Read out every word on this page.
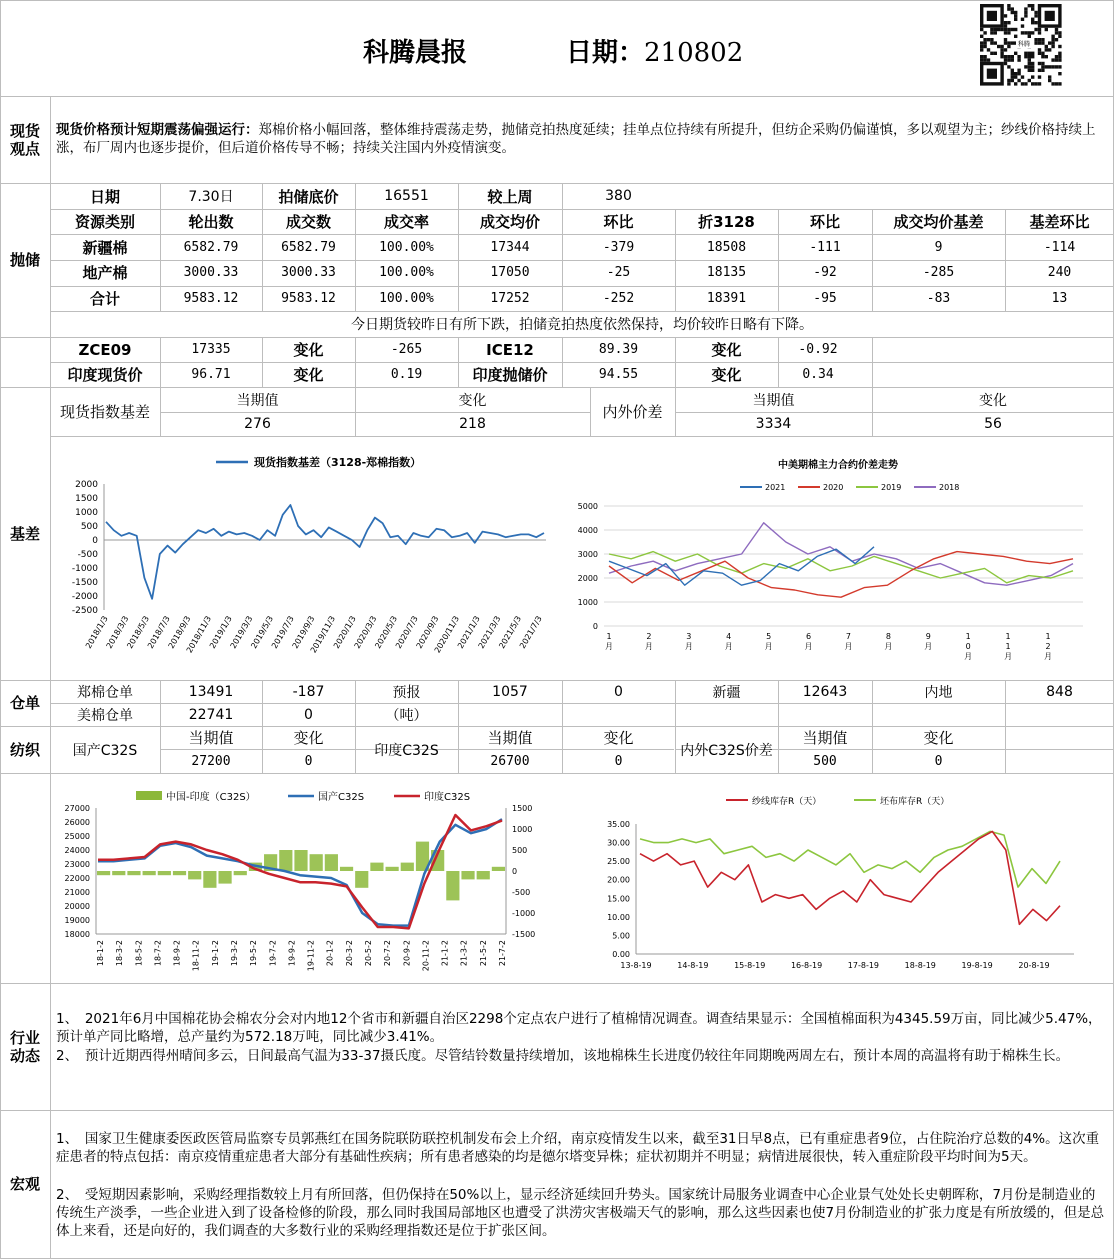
科腾晨报	日期：210802	科腾
现货观点
抛储
基差
仓单
纺织
行业动态
宏观
现货价格预计短期震荡偏强运行：郑棉价格小幅回落，整体维持震荡走势，抛储竞拍热度延续；挂单点位持续有所提升，但纺企采购仍偏谨慎，多以观望为主；纱线价格持续上涨，布厂周内也逐步提价，但后道价格传导不畅；持续关注国内外疫情演变。
日期	7.30日	拍储底价	16551	较上周	380
资源类别	轮出数	成交数	成交率	成交均价	环比	折3128	环比	成交均价基差	基差环比
新疆棉	6582.79	6582.79	100.00%	17344	-379	18508	-111	9	-114
地产棉	3000.33	3000.33	100.00%	17050	-25	18135	-92	-285	240
合计	9583.12	9583.12	100.00%	17252	-252	18391	-95	-83	13
今日期货较昨日有所下跌，拍储竞拍热度依然保持，均价较昨日略有下降。
ZCE09	17335	变化	-265	ICE12	89.39	变化	-0.92
印度现货价	96.71	变化	0.19	印度抛储价	94.55	变化	0.34
现货指数基差
当期值	变化
276	218
内外价差
当期值	变化
3334	56
现货指数基差（3128-郑棉指数）
2000
1500
1000
500
0
-500
-1000
-1500
-2000
-2500
2018/1/3
2018/3/3
2018/5/3
2018/7/3
2018/9/3
2018/11/3
2019/1/3
2019/3/3
2019/5/3
2019/7/3
2019/9/3
2019/11/3
2020/1/3
2020/3/3
2020/5/3
2020/7/3
2020/9/3
2020/11/3
2021/1/3
2021/3/3
2021/5/3
2021/7/3
中美期棉主力合约价差走势
2021	2020	2019	2018
5000
4000
3000
2000
1000
0
1 月
2 月
3 月
4 月
5 月
6 月
7 月
8 月
9 月
1 0 月
1 1 月
1 2 月
中国-印度（C32S）	国产C32S	印度C32S
27000
26000
25000
24000
23000
22000
21000
20000
19000
18000
1500
1000
500
0
-500
-1000
-1500
18-1-2 18-3-2 18-5-2 18-7-2 18-9-2 18-11-2 19-1-2 19-3-2 19-5-2 19-7-2 19-9-2 19-11-2 20-1-2 20-3-2 20-5-2 20-7-2 20-9-2 20-11-2 21-1-2 21-3-2 21-5-2 21-7-2
纱线库存R（天）	坯布库存R（天）
35.00
30.00
25.00
20.00
15.00
10.00
5.00
0.00
13-8-19	14-8-19	15-8-19	16-8-19	17-8-19	18-8-19	19-8-19	20-8-19
郑棉仓单	13491	-187	预报	1057	0	新疆	12643	内地	848
美棉仓单	22741	0	（吨）
国产C32S
当期值	变化
27200	0
印度C32S
当期值	变化
26700	0
内外C32S价差
当期值	变化
500	0
1、　2021年6月中国棉花协会棉农分会对内地12个省市和新疆自治区2298个定点农户进行了植棉情况调查。调查结果显示：全国植棉面积为4345.59万亩，同比减少5.47%，预计单产同比略增，总产量约为572.18万吨，同比减少3.41%。
2、　预计近期西得州晴间多云，日间最高气温为33-37摄氏度。尽管结铃数量持续增加，该地棉株生长进度仍较往年同期晚两周左右，预计本周的高温将有助于棉株生长。
1、　国家卫生健康委医政医管局监察专员郭燕红在国务院联防联控机制发布会上介绍，南京疫情发生以来，截至31日早8点，已有重症患者9位，占住院治疗总数的4%。这次重症患者的特点包括：南京疫情重症患者大部分有基础性疾病；所有患者感染的均是德尔塔变异株；症状初期并不明显；病情进展很快，转入重症阶段平均时间为5天。
2、　受短期因素影响，采购经理指数较上月有所回落，但仍保持在50%以上，显示经济延续回升势头。国家统计局服务业调查中心企业景气处处长史朝晖称，7月份是制造业的传统生产淡季，一些企业进入到了设备检修的阶段，那么同时我国局部地区也遭受了洪涝灾害极端天气的影响，那么这些因素也使7月份制造业的扩张力度是有所放缓的，但是总体上来看，还是向好的，我们调查的大多数行业的采购经理指数还是位于扩张区间。
